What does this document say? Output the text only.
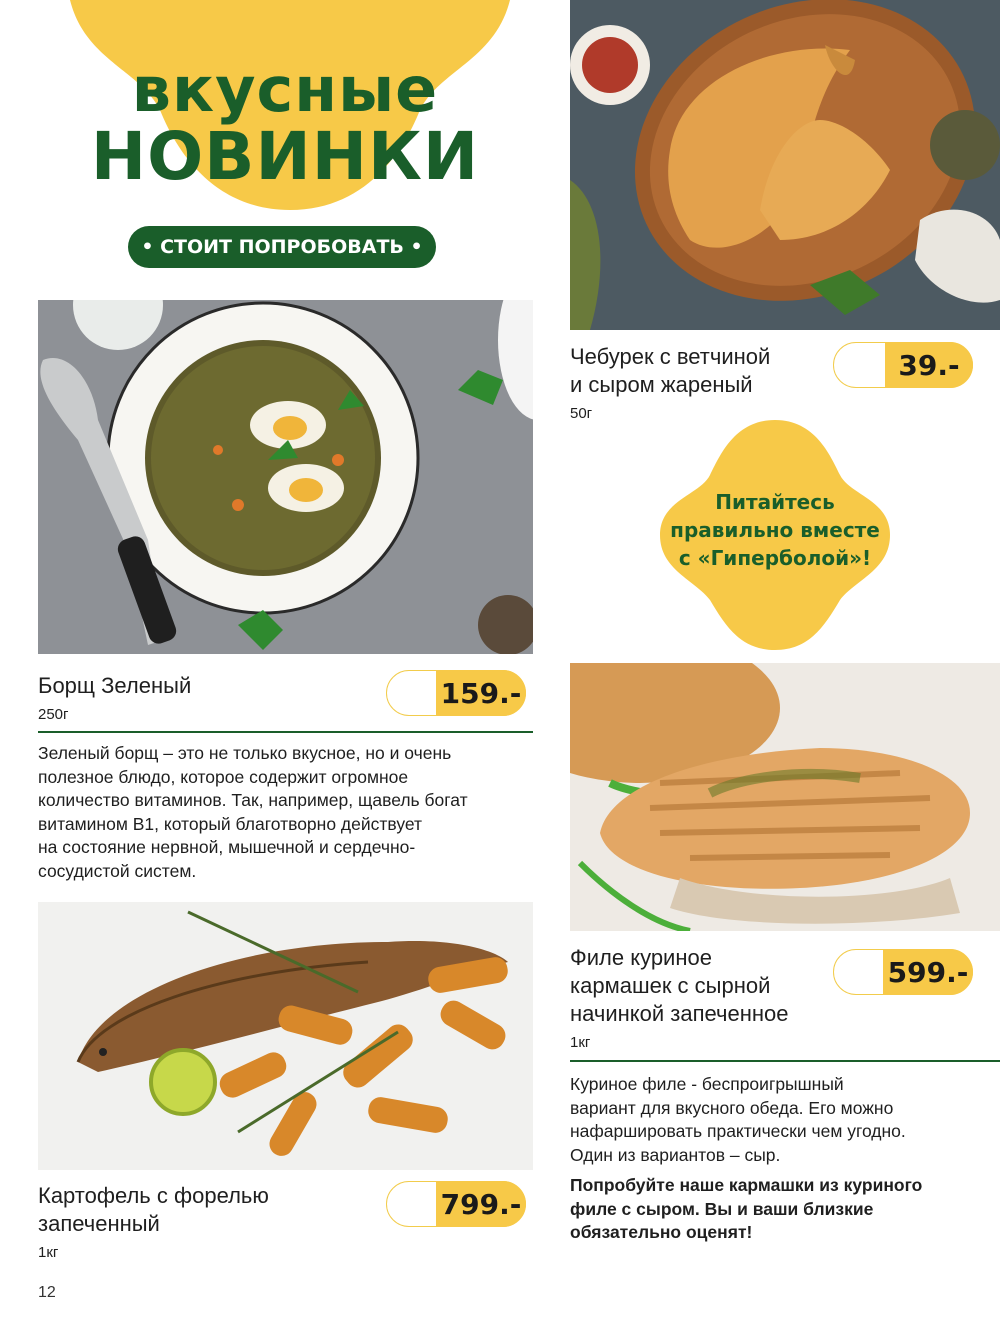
вкусные
НОВИНКИ
• СТОИТ ПОПРОБОВАТЬ •
Борщ Зеленый
250г
159.-
Зеленый борщ – это не только вкусное, но и очень
полезное блюдо, которое содержит огромное
количество витаминов. Так, например, щавель богат
витамином B1, который благотворно действует
на состояние нервной, мышечной и сердечно-
сосудистой систем.
Картофель с форелью
запеченный
1кг
799.-
12
Чебурек с ветчиной
и сыром жареный
50г
39.-
Питайтесь
правильно вместе
с «Гиперболой»!
Филе куриное
кармашек с сырной
начинкой запеченное
1кг
599.-
Куриное филе - беспроигрышный
вариант для вкусного обеда. Его можно
нафаршировать практически чем угодно.
Один из вариантов – сыр.
Попробуйте наше кармашки из куриного
филе с сыром. Вы и ваши близкие
обязательно оценят!
